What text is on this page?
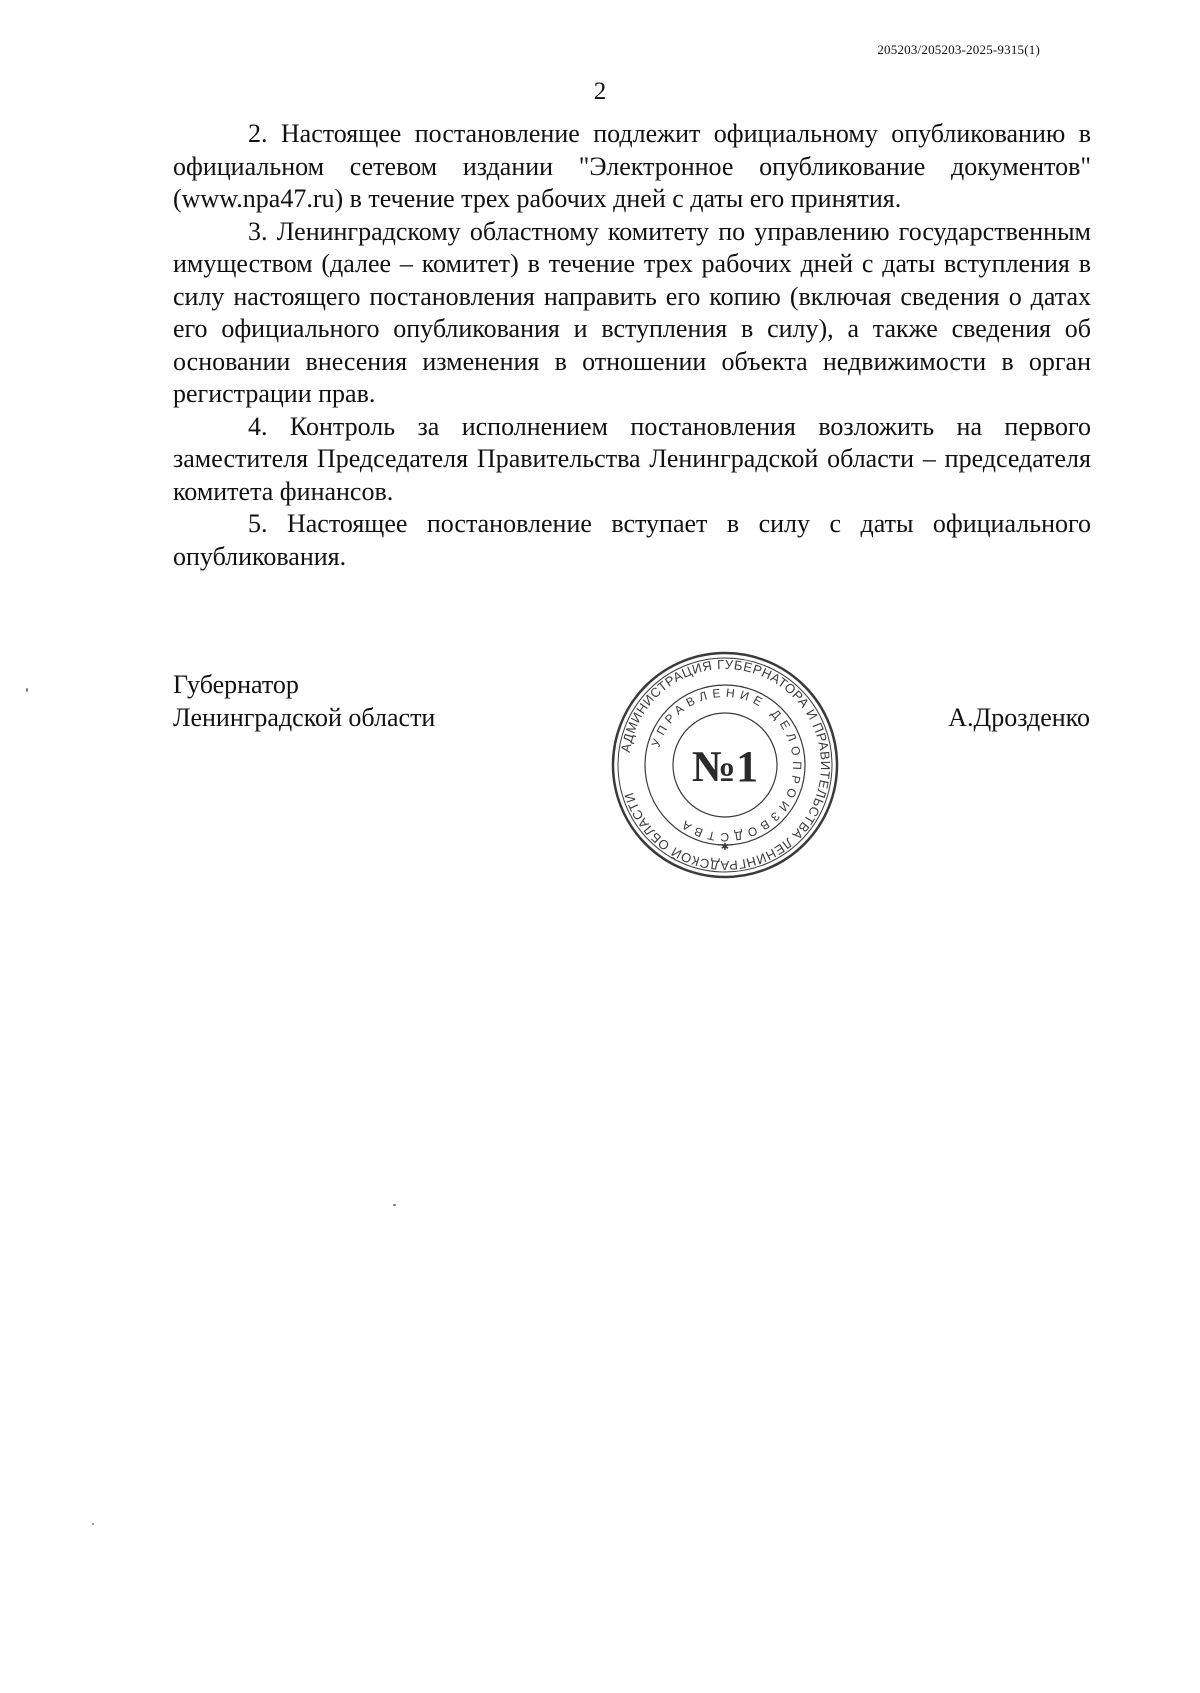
205203/205203-2025-9315(1)
2

2. Настоящее постановление подлежит официальному опубликованию в официальном сетевом издании "Электронное опубликование документов" (www.npa47.ru) в течение трех рабочих дней с даты его принятия.

3. Ленинградскому областному комитету по управлению государственным имуществом (далее – комитет) в течение трех рабочих дней с даты вступления в силу настоящего постановления направить его копию (включая сведения о датах его официального опубликования и вступления в силу), а также сведения об основании внесения изменения в отношении объекта недвижимости в орган регистрации прав.

4. Контроль за исполнением постановления возложить на первого заместителя Председателя Правительства Ленинградской области – председателя комитета финансов.

5. Настоящее постановление вступает в силу с даты официального опубликования.

Губернатор
Ленинградской области	А.Дрозденко
АДМИНИСТРАЦИЯ ГУБЕРНАТОРА И ПРАВИТЕЛЬСТВА ЛЕНИНГРАДСКОЙ ОБЛАСТИ
УПРАВЛЕНИЕ ДЕЛОПРОИЗВОДСТВА
№1
✱
